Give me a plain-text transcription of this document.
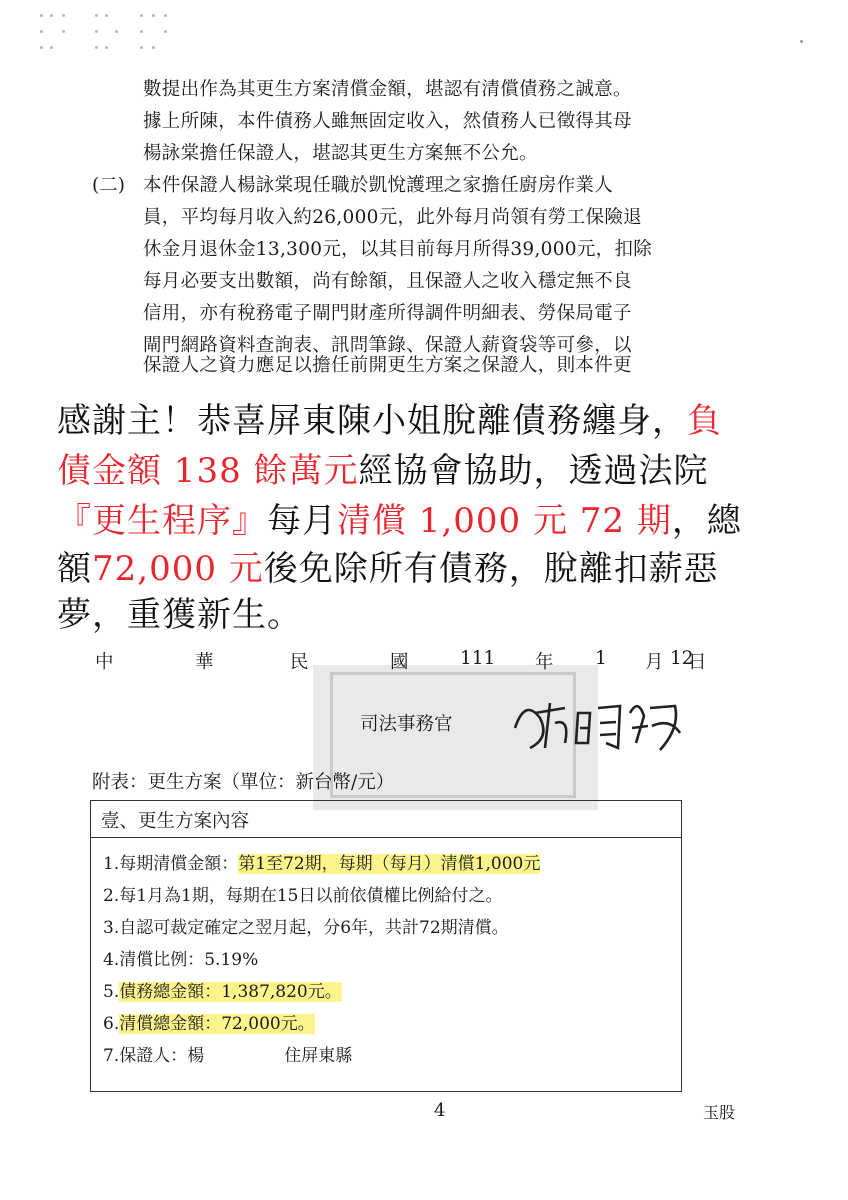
數提出作為其更生方案清償金額，堪認有清償債務之誠意。
據上所陳，本件債務人雖無固定收入，然債務人已徵得其母
楊詠棠擔任保證人，堪認其更生方案無不公允。
(二) 本件保證人楊詠棠現任職於凱悅護理之家擔任廚房作業人
員，平均每月收入約26,000元，此外每月尚領有勞工保險退
休金月退休金13,300元，以其目前每月所得39,000元，扣除
每月必要支出數額，尚有餘額，且保證人之收入穩定無不良
信用，亦有稅務電子閘門財產所得調件明細表、勞保局電子
閘門網路資料查詢表、訊問筆錄、保證人薪資袋等可參，以
保證人之資力應足以擔任前開更生方案之保證人，則本件更
感謝主！恭喜屏東陳小姐脫離債務纏身，負
債金額 138 餘萬元經協會協助，透過法院
『更生程序』每月清償 1,000 元 72 期，總
額72,000 元後免除所有債務，脫離扣薪惡
夢，重獲新生。
中	華	民	國	111 年 1 月 12
日
司法事務官
附表：更生方案（單位：新台幣/元）
壹、更生方案內容
1.每期清償金額：第1至72期，每期（每月）清償1,000元
2.每1月為1期，每期在15日以前依債權比例給付之。
3.自認可裁定確定之翌月起，分6年，共計72期清償。
4.清償比例：5.19%
5.債務總金額：1,387,820元。
6.清償總金額：72,000元。
7.保證人：楊	住屏東縣
4	玉股
